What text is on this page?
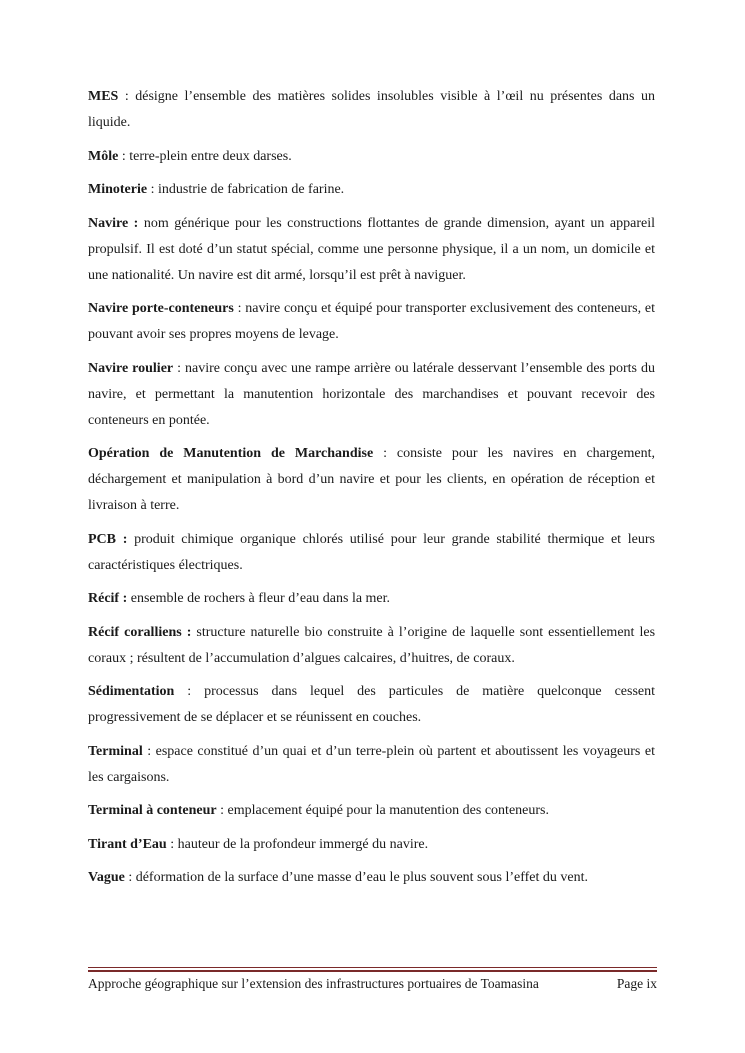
MES : désigne l’ensemble des matières solides insolubles visible à l’œil nu présentes dans un liquide.

Môle : terre-plein entre deux darses.

Minoterie : industrie de fabrication de farine.

Navire : nom générique pour les constructions flottantes de grande dimension, ayant un appareil propulsif. Il est doté d’un statut spécial, comme une personne physique, il a un nom, un domicile et une nationalité. Un navire est dit armé, lorsqu’il est prêt à naviguer.

Navire porte-conteneurs : navire conçu et équipé pour transporter exclusivement des conteneurs, et pouvant avoir ses propres moyens de levage.

Navire roulier : navire conçu avec une rampe arrière ou latérale desservant l’ensemble des ports du navire, et permettant la manutention horizontale des marchandises et pouvant recevoir des conteneurs en pontée.

Opération de Manutention de Marchandise : consiste pour les navires en chargement, déchargement et manipulation à bord d’un navire et pour les clients, en opération de réception et livraison à terre.

PCB : produit chimique organique chlorés utilisé pour leur grande stabilité thermique et leurs caractéristiques électriques.

Récif : ensemble de rochers à fleur d’eau dans la mer.

Récif coralliens : structure naturelle bio construite à l’origine de laquelle sont essentiellement les coraux ; résultent de l’accumulation d’algues calcaires, d’huitres, de coraux.

Sédimentation : processus dans lequel des particules de matière quelconque cessent progressivement de se déplacer et se réunissent en couches.

Terminal : espace constitué d’un quai et d’un terre-plein où partent et aboutissent les voyageurs et les cargaisons.

Terminal à conteneur : emplacement équipé pour la manutention des conteneurs.

Tirant d’Eau : hauteur de la profondeur immergé du navire.

Vague : déformation de la surface d’une masse d’eau le plus souvent sous l’effet du vent.

Approche géographique sur l’extension des infrastructures portuaires de Toamasina	Page ix
